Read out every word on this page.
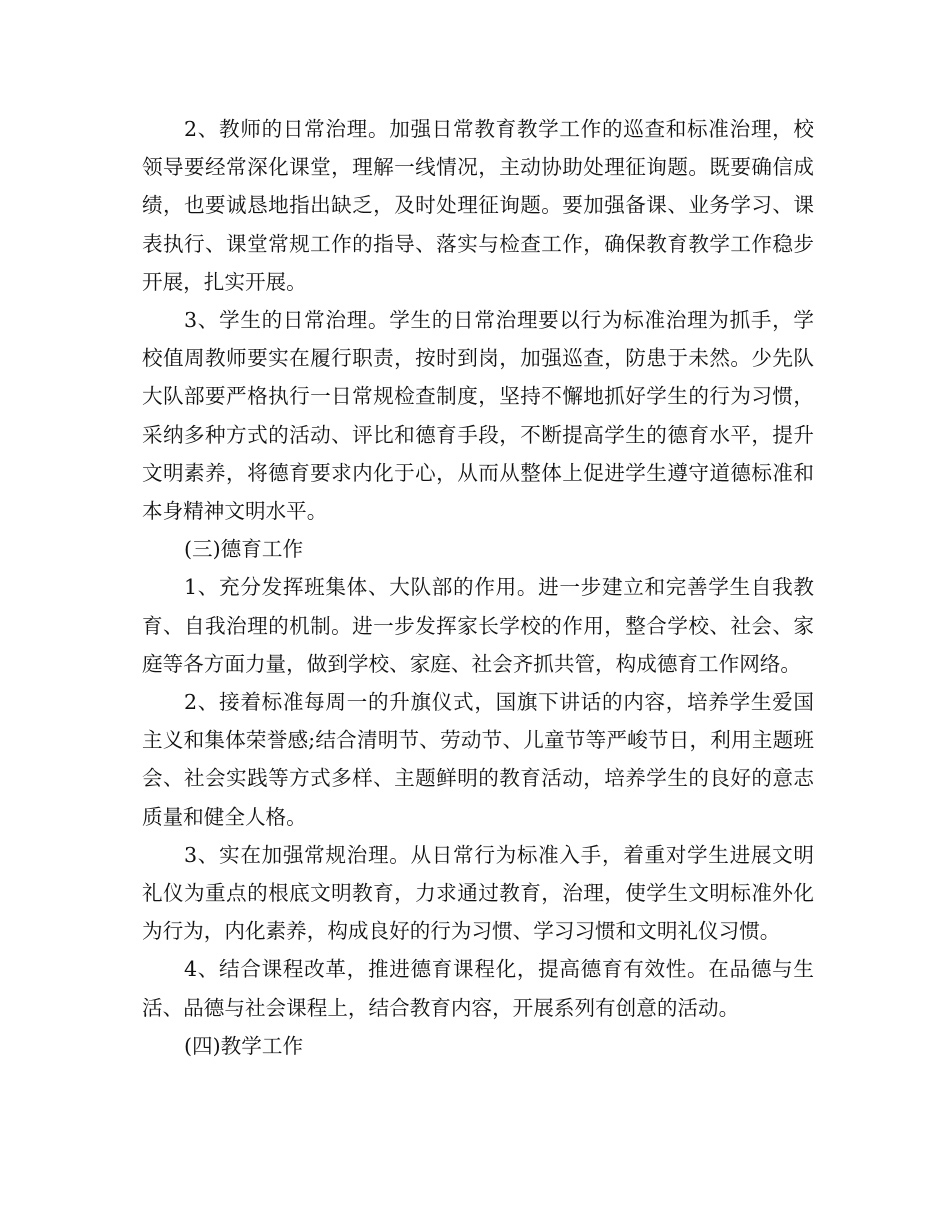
2、教师的日常治理。加强日常教育教学工作的巡查和标准治理，校领导要经常深化课堂，理解一线情况，主动协助处理征询题。既要确信成绩，也要诚恳地指出缺乏，及时处理征询题。要加强备课、业务学习、课表执行、课堂常规工作的指导、落实与检查工作，确保教育教学工作稳步开展，扎实开展。

3、学生的日常治理。学生的日常治理要以行为标准治理为抓手，学校值周教师要实在履行职责，按时到岗，加强巡查，防患于未然。少先队大队部要严格执行一日常规检查制度，坚持不懈地抓好学生的行为习惯，采纳多种方式的活动、评比和德育手段，不断提高学生的德育水平，提升文明素养，将德育要求内化于心，从而从整体上促进学生遵守道德标准和本身精神文明水平。

(三)德育工作

1、充分发挥班集体、大队部的作用。进一步建立和完善学生自我教育、自我治理的机制。进一步发挥家长学校的作用，整合学校、社会、家庭等各方面力量，做到学校、家庭、社会齐抓共管，构成德育工作网络。

2、接着标准每周一的升旗仪式，国旗下讲话的内容，培养学生爱国主义和集体荣誉感;结合清明节、劳动节、儿童节等严峻节日，利用主题班会、社会实践等方式多样、主题鲜明的教育活动，培养学生的良好的意志质量和健全人格。

3、实在加强常规治理。从日常行为标准入手，着重对学生进展文明礼仪为重点的根底文明教育，力求通过教育，治理，使学生文明标准外化为行为，内化素养，构成良好的行为习惯、学习习惯和文明礼仪习惯。

4、结合课程改革，推进德育课程化，提高德育有效性。在品德与生活、品德与社会课程上，结合教育内容，开展系列有创意的活动。

(四)教学工作
